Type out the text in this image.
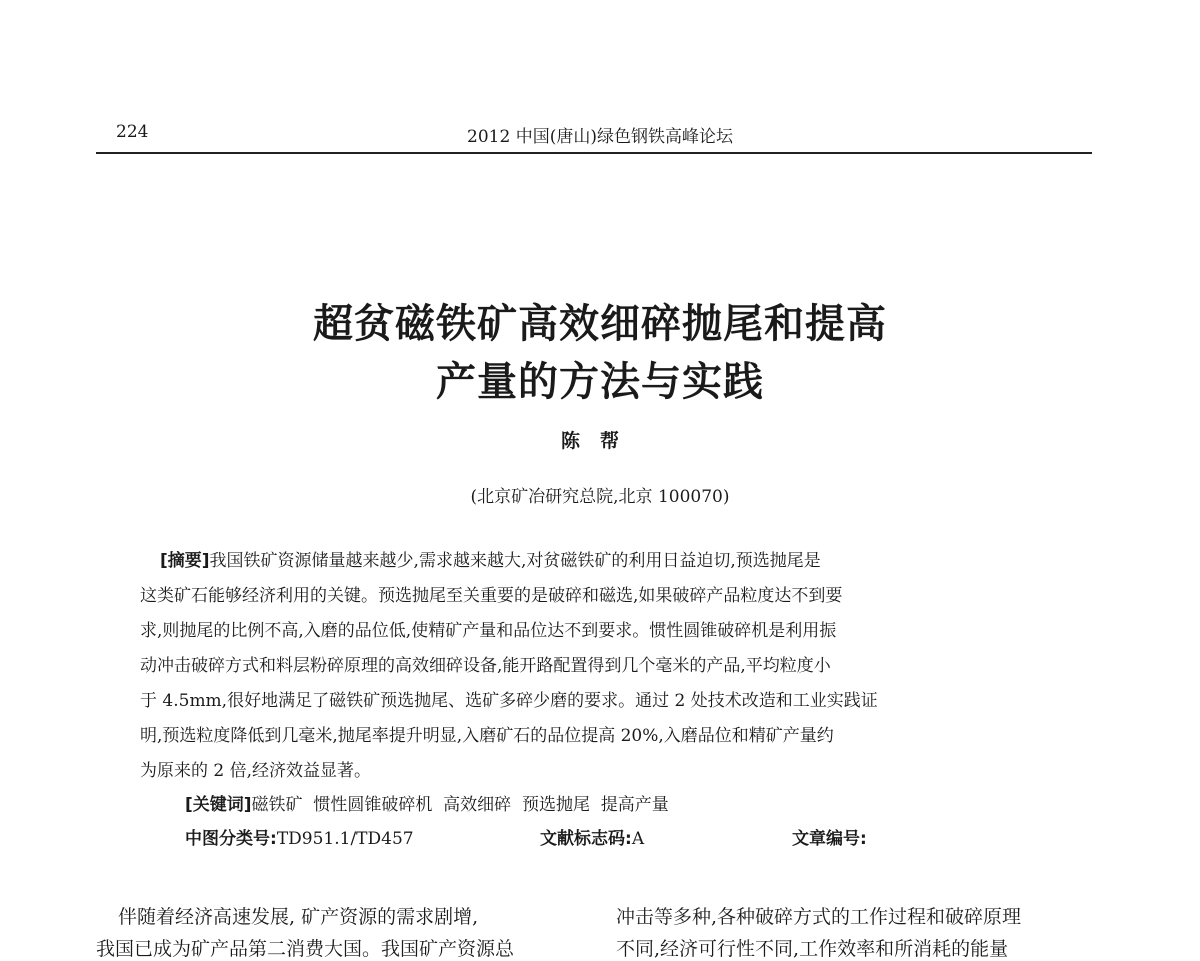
224	2012 中国(唐山)绿色钢铁高峰论坛
超贫磁铁矿高效细碎抛尾和提高
产量的方法与实践
陈帮
(北京矿冶研究总院,北京 100070)
[摘要]我国铁矿资源储量越来越少,需求越来越大,对贫磁铁矿的利用日益迫切,预选抛尾是
这类矿石能够经济利用的关键。预选抛尾至关重要的是破碎和磁选,如果破碎产品粒度达不到要
求,则抛尾的比例不高,入磨的品位低,使精矿产量和品位达不到要求。惯性圆锥破碎机是利用振
动冲击破碎方式和料层粉碎原理的高效细碎设备,能开路配置得到几个毫米的产品,平均粒度小
于 4.5mm,很好地满足了磁铁矿预选抛尾、选矿多碎少磨的要求。通过 2 处技术改造和工业实践证
明,预选粒度降低到几毫米,抛尾率提升明显,入磨矿石的品位提高 20%,入磨品位和精矿产量约
为原来的 2 倍,经济效益显著。
[关键词]磁铁矿  惯性圆锥破碎机  高效细碎  预选抛尾  提高产量
中图分类号:TD951.1/TD457	文献标志码:A	文章编号:
伴随着经济高速发展, 矿产资源的需求剧增,
我国已成为矿产品第二消费大国。我国矿产资源总
冲击等多种,各种破碎方式的工作过程和破碎原理
不同,经济可行性不同,工作效率和所消耗的能量
